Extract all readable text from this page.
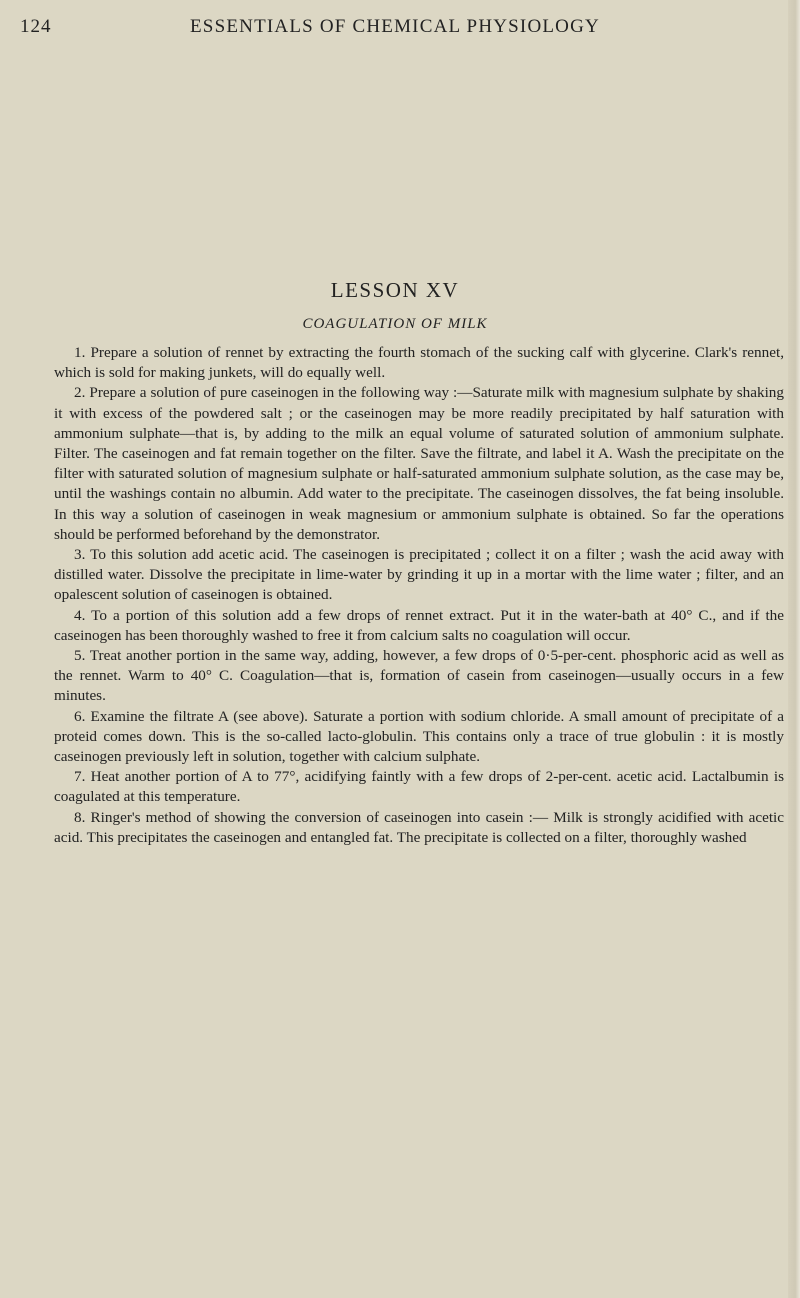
124	ESSENTIALS OF CHEMICAL PHYSIOLOGY
LESSON XV
COAGULATION OF MILK

1. Prepare a solution of rennet by extracting the fourth stomach of the sucking calf with glycerine. Clark's rennet, which is sold for making junkets, will do equally well.

2. Prepare a solution of pure caseinogen in the following way :—Saturate milk with magnesium sulphate by shaking it with excess of the powdered salt ; or the caseinogen may be more readily precipitated by half saturation with ammonium sulphate—that is, by adding to the milk an equal volume of saturated solution of ammonium sulphate. Filter. The caseinogen and fat remain together on the filter. Save the filtrate, and label it A. Wash the precipitate on the filter with saturated solution of magnesium sulphate or half-saturated ammonium sulphate solution, as the case may be, until the washings contain no albumin. Add water to the precipitate. The caseinogen dissolves, the fat being insoluble. In this way a solution of caseinogen in weak magnesium or ammonium sulphate is obtained. So far the operations should be performed beforehand by the demonstrator.

3. To this solution add acetic acid. The caseinogen is precipitated ; collect it on a filter ; wash the acid away with distilled water. Dissolve the precipitate in lime-water by grinding it up in a mortar with the lime water ; filter, and an opalescent solution of caseinogen is obtained.

4. To a portion of this solution add a few drops of rennet extract. Put it in the water-bath at 40° C., and if the caseinogen has been thoroughly washed to free it from calcium salts no coagulation will occur.

5. Treat another portion in the same way, adding, however, a few drops of 0·5-per-cent. phosphoric acid as well as the rennet. Warm to 40° C. Coagulation—that is, formation of casein from caseinogen—usually occurs in a few minutes.

6. Examine the filtrate A (see above). Saturate a portion with sodium chloride. A small amount of precipitate of a proteid comes down. This is the so-called lacto-globulin. This contains only a trace of true globulin : it is mostly caseinogen previously left in solution, together with calcium sulphate.

7. Heat another portion of A to 77°, acidifying faintly with a few drops of 2-per-cent. acetic acid. Lactalbumin is coagulated at this temperature.

8. Ringer's method of showing the conversion of caseinogen into casein :— Milk is strongly acidified with acetic acid. This precipitates the caseinogen and entangled fat. The precipitate is collected on a filter, thoroughly washed
